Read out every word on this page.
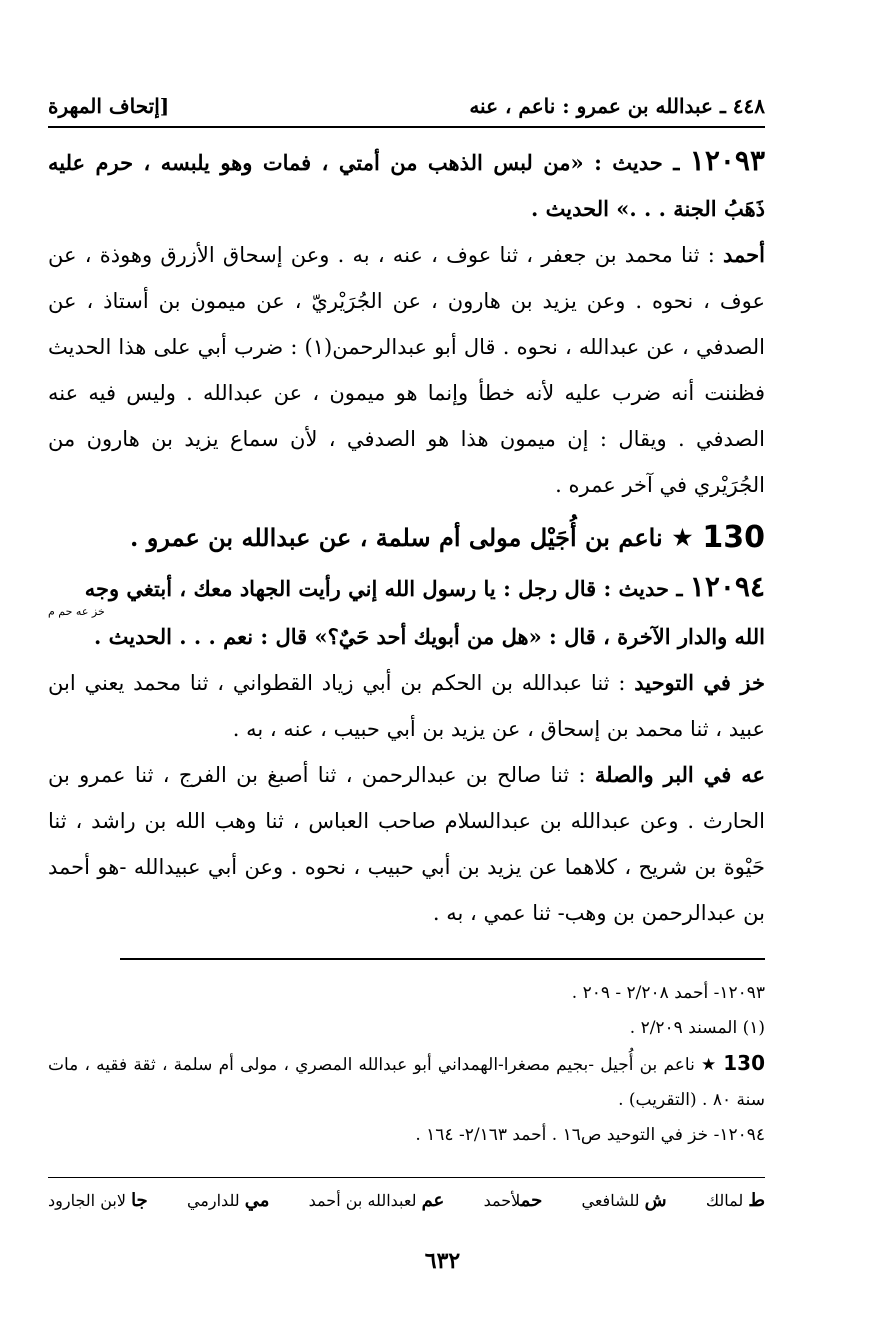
٤٤٨ ـ عبدالله بن عمرو : ناعم ، عنه
[إتحاف المهرة

١٢٠٩٣ ـ حديث : «من لبس الذهب من أمتي ، فمات وهو يلبسه ، حرم عليه ذَهَبُ الجنة . . .» الحديث .

أحمد : ثنا محمد بن جعفر ، ثنا عوف ، عنه ، به . وعن إسحاق الأزرق وهوذة ، عن عوف ، نحوه . وعن يزيد بن هارون ، عن الجُرَيْريّ ، عن ميمون بن أستاذ ، عن الصدفي ، عن عبدالله ، نحوه . قال أبو عبدالرحمن(١) : ضرب أبي على هذا الحديث فظننت أنه ضرب عليه لأنه خطأ وإنما هو ميمون ، عن عبدالله . وليس فيه عنه الصدفي . ويقال : إن ميمون هذا هو الصدفي ، لأن سماع يزيد بن هارون من الجُرَيْري في آخر عمره .

130
★
ناعم بن أُجَيْل مولى أم سلمة ، عن عبدالله بن عمرو .

١٢٠٩٤ ـ حديث : قال رجل : يا رسول الله إني رأيت الجهاد معك ، أبتغي وجه

خز عه حم م

الله والدار الآخرة ، قال : «هل من أبويك أحد حَيٌ؟» قال : نعم . . . الحديث .

خز في التوحيد : ثنا عبدالله بن الحكم بن أبي زياد القطواني ، ثنا محمد يعني ابن عبيد ، ثنا محمد بن إسحاق ، عن يزيد بن أبي حبيب ، عنه ، به .

عه في البر والصلة : ثنا صالح بن عبدالرحمن ، ثنا أصبغ بن الفرج ، ثنا عمرو بن الحارث . وعن عبدالله بن عبدالسلام صاحب العباس ، ثنا وهب الله بن راشد ، ثنا حَيْوة بن شريح ، كلاهما عن يزيد بن أبي حبيب ، نحوه . وعن أبي عبيدالله -هو أحمد بن عبدالرحمن بن وهب- ثنا عمي ، به .

١٢٠٩٣- أحمد ٢/٢٠٨ - ٢٠٩ .

(١) المسند ٢/٢٠٩ .

130 ★ ناعم بن أُجيل -بجيم مصغرا-الهمداني أبو عبدالله المصري ، مولى أم سلمة ، ثقة فقيه ، مات سنة ٨٠ . (التقريب) .

١٢٠٩٤- خز في التوحيد ص١٦ . أحمد ٢/١٦٣- ١٦٤ .

ط لمالك
ش للشافعي
حملأحمد
عم لعبدالله بن أحمد
مي للدارمي
جا لابن الجارود
٦٣٢
